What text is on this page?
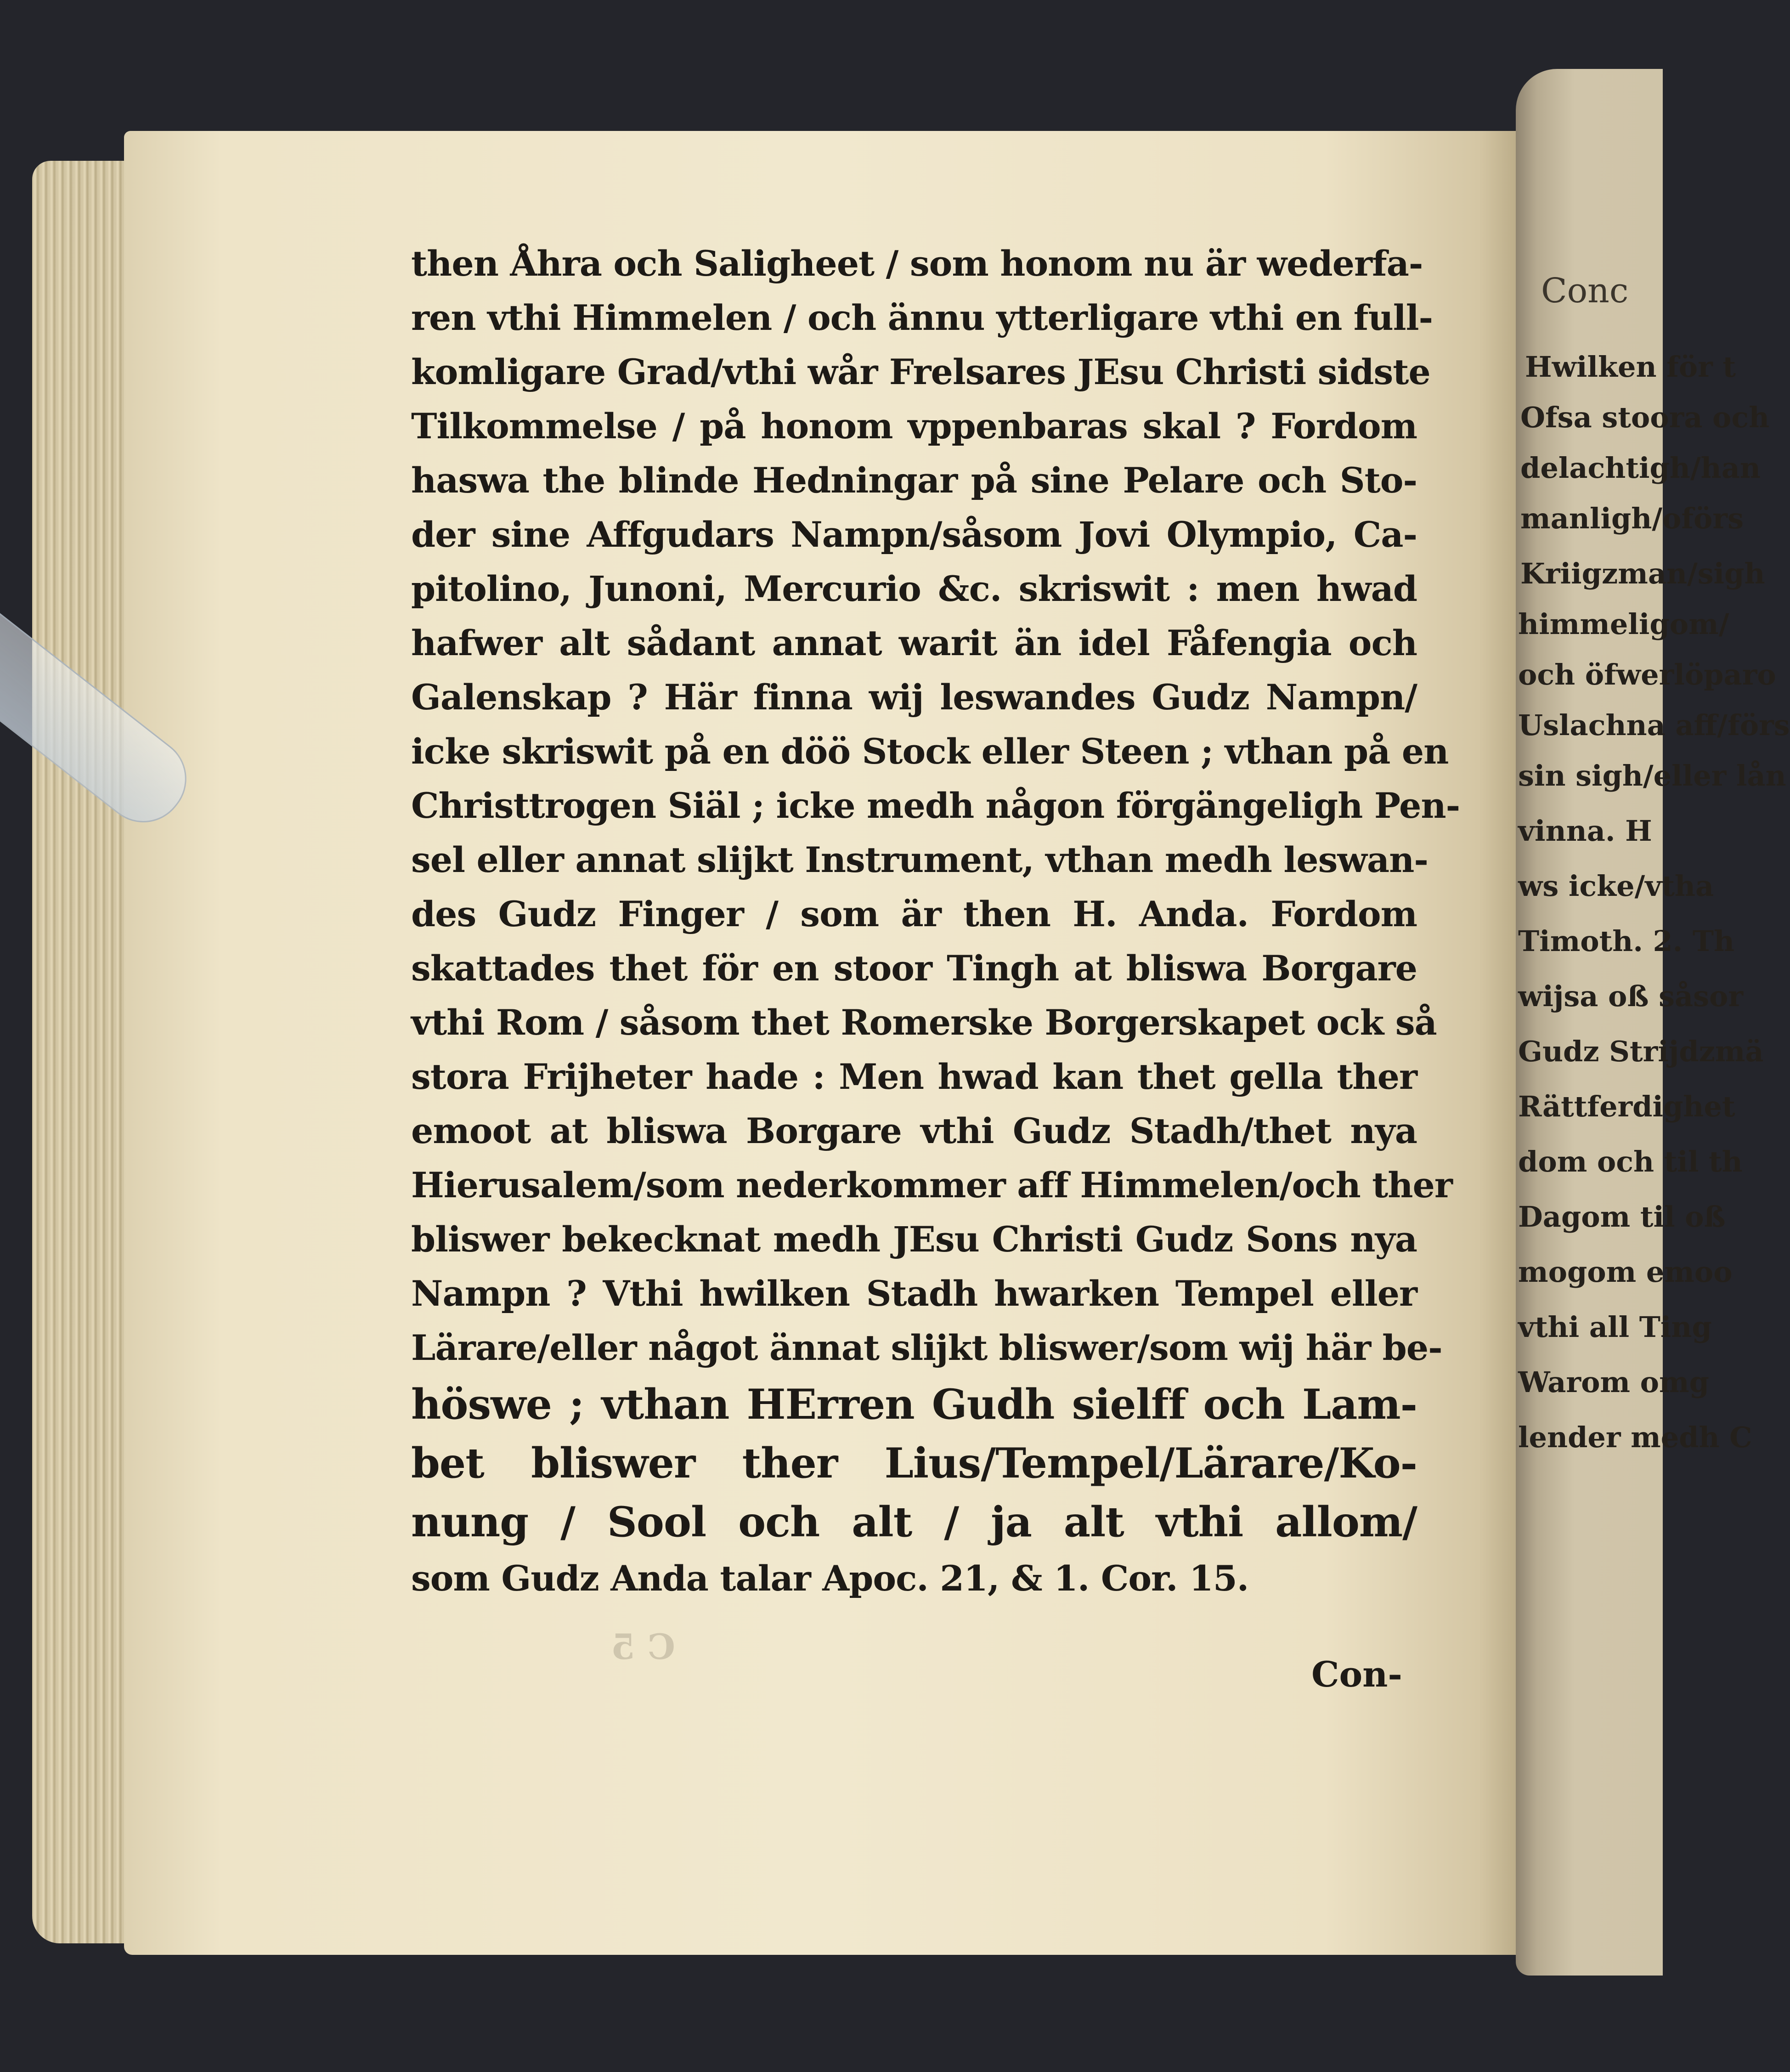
C 5
then Åhra och Saligheet / som honom nu är wederfa-
ren vthi Himmelen / och ännu ytterligare vthi en full-
komligare Grad/vthi wår Frelsares JEsu Christi sidste
Tilkommelse / på honom vppenbaras skal ? Fordom
haswa the blinde Hedningar på sine Pelare och Sto-
der sine Affgudars Nampn/såsom Jovi Olympio, Ca-
pitolino, Junoni, Mercurio &c. skriswit : men hwad
hafwer alt sådant annat warit än idel Fåfengia och
Galenskap ? Här finna wij leswandes Gudz Nampn/
icke skriswit på en döö Stock eller Steen ; vthan på en
Christtrogen Siäl ; icke medh någon förgängeligh Pen-
sel eller annat slijkt Instrument, vthan medh leswan-
des Gudz Finger / som är then H. Anda. Fordom
skattades thet för en stoor Tingh at bliswa Borgare
vthi Rom / såsom thet Romerske Borgerskapet ock så
stora Frijheter hade : Men hwad kan thet gella ther
emoot at bliswa Borgare vthi Gudz Stadh/thet nya
Hierusalem/som nederkommer aff Himmelen/och ther
bliswer bekecknat medh JEsu Christi Gudz Sons nya
Nampn ? Vthi hwilken Stadh hwarken Tempel eller
Lärare/eller något ännat slijkt bliswer/som wij här be-
höswe ; vthan HErren Gudh sielff och Lam-
bet bliswer ther Lius/Tempel/Lärare/Ko-
nung / Sool och alt / ja alt vthi allom/
som Gudz Anda talar Apoc. 21, & 1. Cor. 15.
Con-
Conc
Hwilken för t
Ofsa stoora och
delachtigh/han
manligh/oförs
Kriigzman/sigh
himmeligom/
och öfwerlöparo
Uslachna aff/förs
sin sigh/eller lån
vinna. H
ws icke/vtha
Timoth. 2. Th
wijsa oß såsor
Gudz Strijdzmä
Rättferdighet
dom och til th
Dagom til oß
mogom emoo
vthi all Ting
Warom omg
lender medh C
